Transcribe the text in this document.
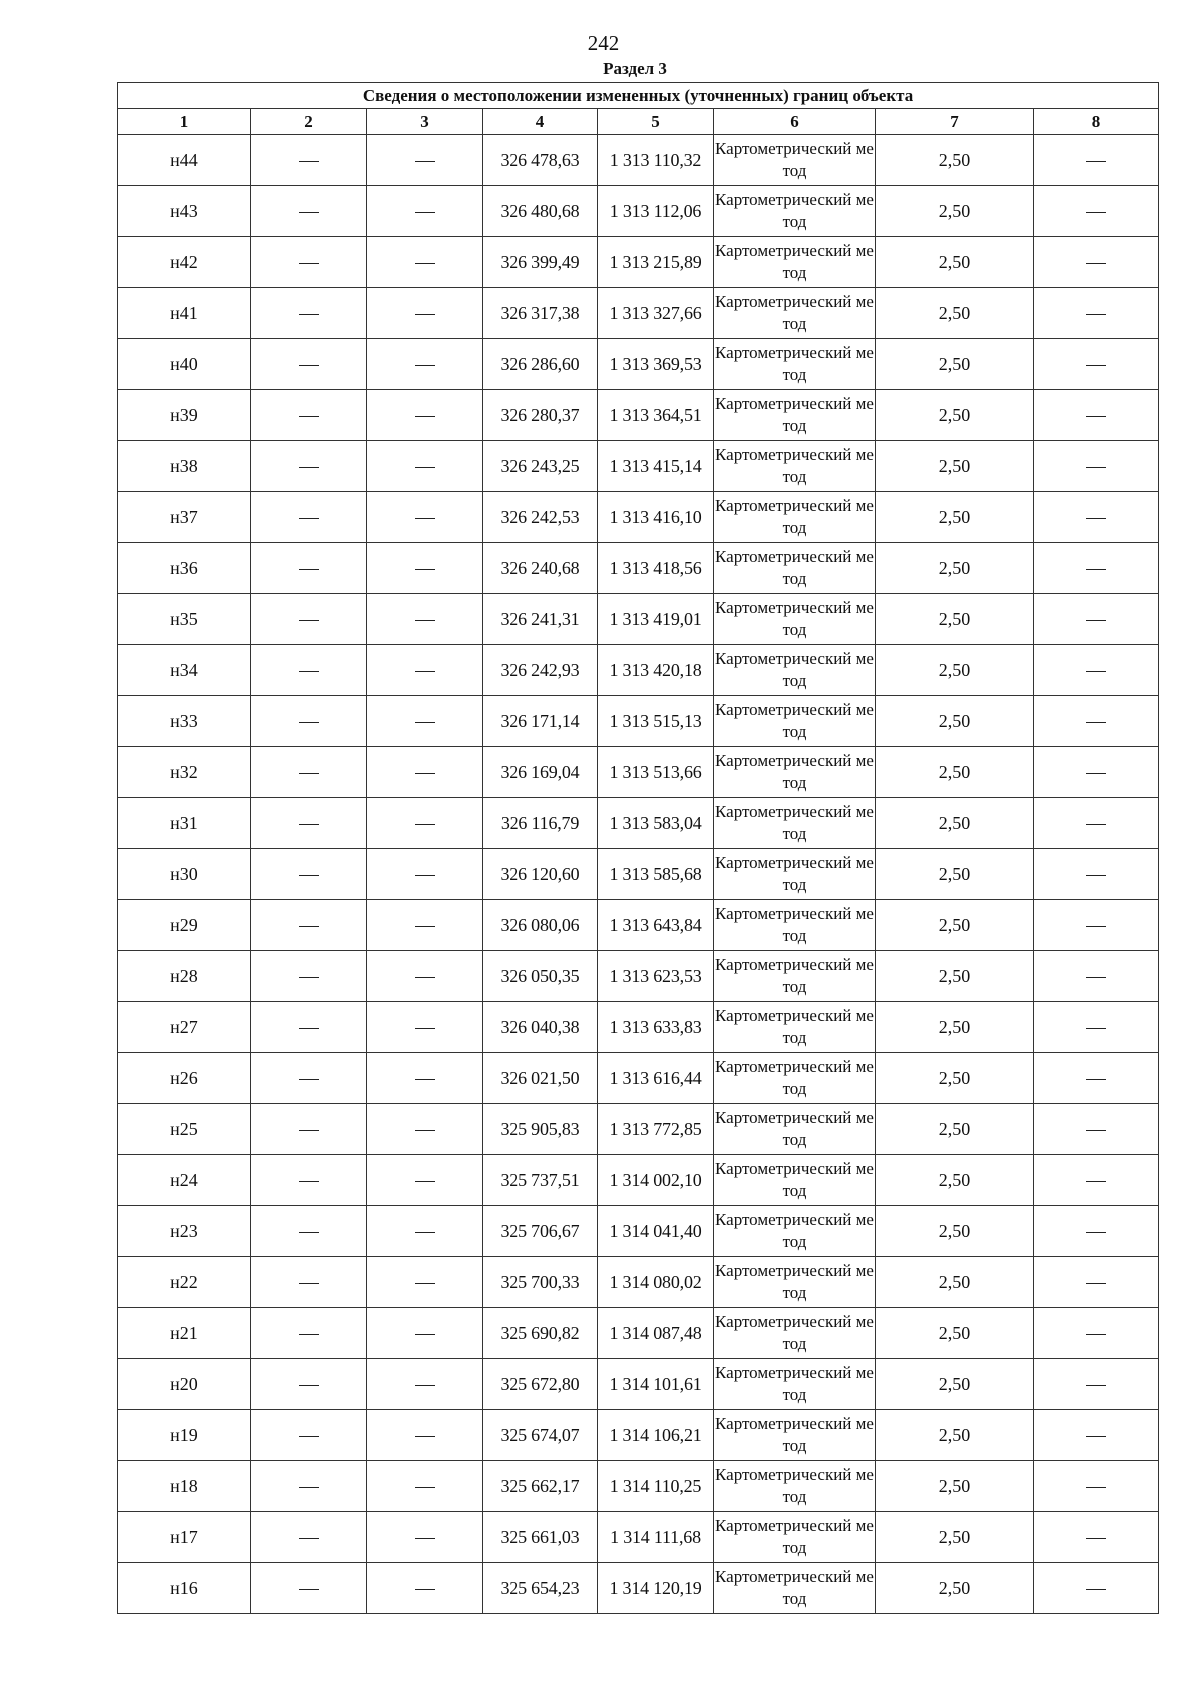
242
Раздел 3
Сведения о местоположении измененных (уточненных) границ объекта							
1	2	3	4	5	6	7	8
н44			326 478,63	1 313 110,32	Картометрический метод	2,50	
н43			326 480,68	1 313 112,06	Картометрический метод	2,50	
н42			326 399,49	1 313 215,89	Картометрический метод	2,50	
н41			326 317,38	1 313 327,66	Картометрический метод	2,50	
н40			326 286,60	1 313 369,53	Картометрический метод	2,50	
н39			326 280,37	1 313 364,51	Картометрический метод	2,50	
н38			326 243,25	1 313 415,14	Картометрический метод	2,50	
н37			326 242,53	1 313 416,10	Картометрический метод	2,50	
н36			326 240,68	1 313 418,56	Картометрический метод	2,50	
н35			326 241,31	1 313 419,01	Картометрический метод	2,50	
н34			326 242,93	1 313 420,18	Картометрический метод	2,50	
н33			326 171,14	1 313 515,13	Картометрический метод	2,50	
н32			326 169,04	1 313 513,66	Картометрический метод	2,50	
н31			326 116,79	1 313 583,04	Картометрический метод	2,50	
н30			326 120,60	1 313 585,68	Картометрический метод	2,50	
н29			326 080,06	1 313 643,84	Картометрический метод	2,50	
н28			326 050,35	1 313 623,53	Картометрический метод	2,50	
н27			326 040,38	1 313 633,83	Картометрический метод	2,50	
н26			326 021,50	1 313 616,44	Картометрический метод	2,50	
н25			325 905,83	1 313 772,85	Картометрический метод	2,50	
н24			325 737,51	1 314 002,10	Картометрический метод	2,50	
н23			325 706,67	1 314 041,40	Картометрический метод	2,50	
н22			325 700,33	1 314 080,02	Картометрический метод	2,50	
н21			325 690,82	1 314 087,48	Картометрический метод	2,50	
н20			325 672,80	1 314 101,61	Картометрический метод	2,50	
н19			325 674,07	1 314 106,21	Картометрический метод	2,50	
н18			325 662,17	1 314 110,25	Картометрический метод	2,50	
н17			325 661,03	1 314 111,68	Картометрический метод	2,50	
н16			325 654,23	1 314 120,19	Картометрический метод	2,50	
